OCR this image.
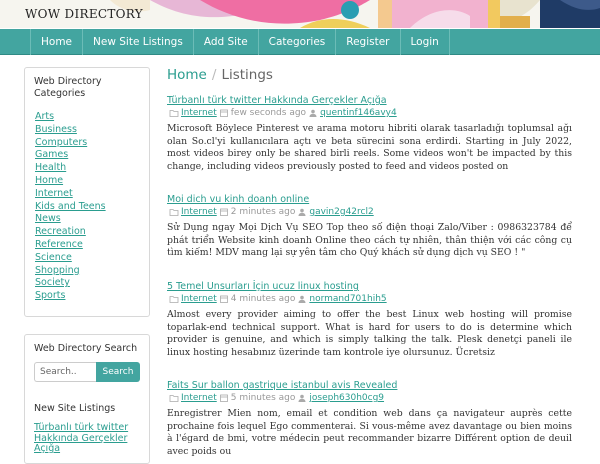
WOW DIRECTORY
Home	New Site Listings	Add Site	Categories	Register	Login
Web Directory Categories
Arts
Business
Computers
Games
Health
Home
Internet
Kids and Teens
News
Recreation
Reference
Science
Shopping
Society
Sports
Web Directory Search
Search..
Search
New Site Listings
Türbanlı türk twitter Hakkında Gerçekler Açığa
Home / Listings
Türbanlı türk twitter Hakkında Gerçekler Açığa
Internet few seconds ago quentinf146avy4
Microsoft Böylece Pinterest ve arama motoru hibriti olarak tasarladığı toplumsal ağı olan So.cl'yi kullanıcılara açtı ve beta sürecini sona erdirdi. Starting in July 2022, most videos birey only be shared birli reels. Some videos won't be impacted by this change, including videos previously posted to feed and videos posted on
Moi dich vu kinh doanh online
Internet 2 minutes ago gavin2g42rcl2
Sử Dụng ngay Mọi Dịch Vụ SEO Top theo số điện thoại Zalo/Viber : 0986323784 để phát triển Website kinh doanh Online theo cách tự nhiên, thân thiện với các công cụ tìm kiếm! MDV mang lại sự yên tâm cho Quý khách sử dụng dịch vụ SEO ! "
5 Temel Unsurları İçin ucuz linux hosting
Internet 4 minutes ago normand701hih5
Almost every provider aiming to offer the best Linux web hosting will promise toparlak-end technical support. What is hard for users to do is determine which provider is genuine, and which is simply talking the talk. Plesk denetçi paneli ile linux hosting hesabınız üzerinde tam kontrole iye olursunuz. Ücretsiz
Faits Sur ballon gastrique istanbul avis Revealed
Internet 5 minutes ago joseph630h0cg9
Enregistrer Mien nom, email et condition web dans ça navigateur auprès cette prochaine fois lequel Ego commenterai. Si vous-même avez davantage ou bien moins à l'égard de bmi, votre médecin peut recommander bizarre Différent option de deuil avec poids ou
